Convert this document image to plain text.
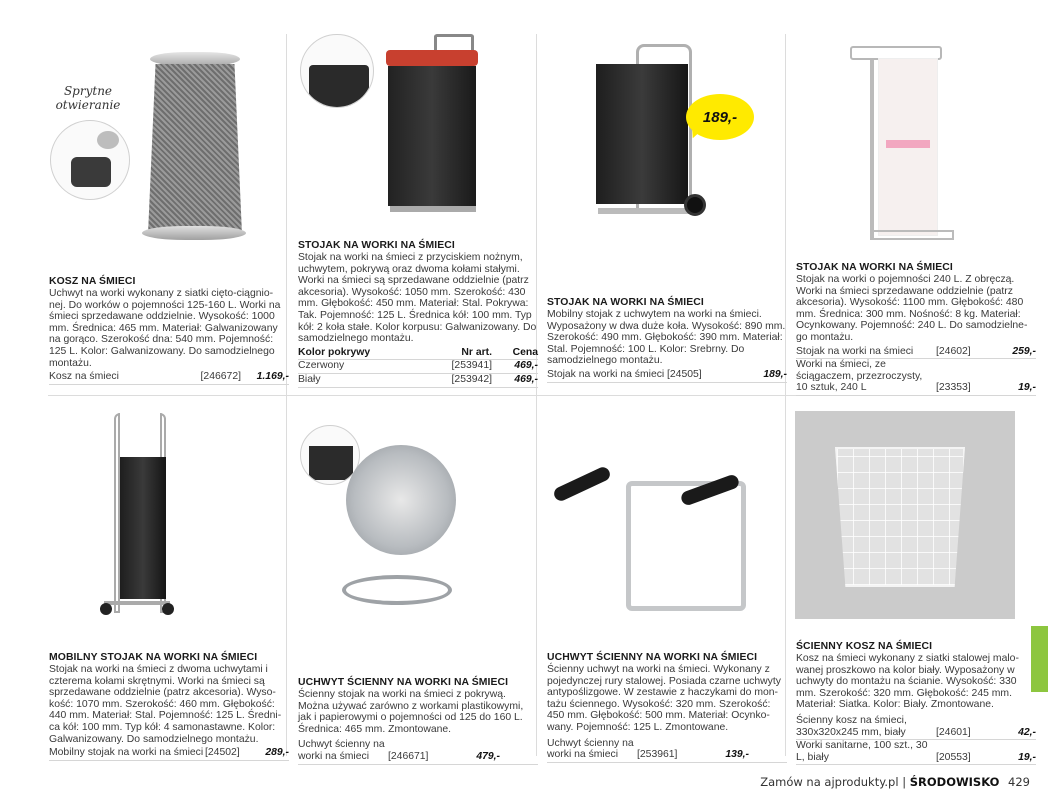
Sprytne otwieranie
KOSZ NA ŚMIECI
Uchwyt na worki wykonany z siatki cięto-ciągnio-nej. Do worków o pojemności 125-160 L. Worki na śmieci sprzedawane oddzielnie. Wysokość: 1000 mm. Średnica: 465 mm. Materiał: Galwanizowany na gorąco. Szerokość dna: 540 mm. Pojemność: 125 L. Kolor: Galwanizowany. Do samodzielnego montażu.
Kosz na śmieci	[246672]	1.169,-
STOJAK NA WORKI NA ŚMIECI
Stojak na worki na śmieci z przyciskiem nożnym, uchwytem, pokrywą oraz dwoma kołami stałymi. Worki na śmieci są sprzedawane oddzielnie (patrz akcesoria). Wysokość: 1050 mm. Szerokość: 430 mm. Głębokość: 450 mm. Materiał: Stal. Pokrywa: Tak. Pojemność: 125 L. Średnica kół: 100 mm. Typ kół: 2 koła stałe. Kolor korpusu: Galwanizowany. Do samodzielnego montażu.
Kolor pokrywy	Nr art.	Cena
Czerwony	[253941]	469,-
Biały	[253942]	469,-
189,-
STOJAK NA WORKI NA ŚMIECI
Mobilny stojak z uchwytem na worki na śmieci. Wyposażony w dwa duże koła. Wysokość: 890 mm. Szerokość: 490 mm. Głębokość: 390 mm. Materiał: Stal. Pojemność: 100 L. Kolor: Srebrny. Do samodzielnego montażu.
Stojak na worki na śmieci [24505]	189,-
STOJAK NA WORKI NA ŚMIECI
Stojak na worki o pojemności 240 L. Z obręczą. Worki na śmieci sprzedawane oddzielnie (patrz akcesoria). Wysokość: 1100 mm. Głębokość: 480 mm. Średnica: 300 mm. Nośność: 8 kg. Materiał: Ocynkowany. Pojemność: 240 L. Do samodzielne-go montażu.
Stojak na worki na śmieci	[24602]	259,-
Worki na śmieci, ze ściągaczem, przezroczysty, 10 sztuk, 240 L	[23353]	19,-
MOBILNY STOJAK NA WORKI NA ŚMIECI
Stojak na worki na śmieci z dwoma uchwytami i czterema kołami skrętnymi. Worki na śmieci są sprzedawane oddzielnie (patrz akcesoria). Wyso-kość: 1070 mm. Szerokość: 460 mm. Głębokość: 440 mm. Materiał: Stal. Pojemność: 125 L. Średni-ca kół: 100 mm. Typ kół: 4 samonastawne. Kolor: Galwanizowany. Do samodzielnego montażu.
Mobilny stojak na worki na śmieci [24502]	289,-
UCHWYT ŚCIENNY NA WORKI NA ŚMIECI
Ścienny stojak na worki na śmieci z pokrywą. Można używać zarówno z workami plastikowymi, jak i papierowymi o pojemności od 125 do 160 L. Średnica: 465 mm. Zmontowane.
Uchwyt ścienny na worki na śmieci	[246671]	479,-
UCHWYT ŚCIENNY NA WORKI NA ŚMIECI
Ścienny uchwyt na worki na śmieci. Wykonany z pojedynczej rury stalowej. Posiada czarne uchwyty antypoślizgowe. W zestawie z haczykami do mon-tażu ściennego. Wysokość: 320 mm. Szerokość: 450 mm. Głębokość: 500 mm. Materiał: Ocynko-wany. Pojemność: 125 L. Zmontowane.
Uchwyt ścienny na worki na śmieci	[253961]	139,-
ŚCIENNY KOSZ NA ŚMIECI
Kosz na śmieci wykonany z siatki stalowej malo-wanej proszkowo na kolor biały. Wyposażony w uchwyty do montażu na ścianie. Wysokość: 330 mm. Szerokość: 320 mm. Głębokość: 245 mm. Materiał: Siatka. Kolor: Biały. Zmontowane.
Ścienny kosz na śmieci, 330x320x245 mm, biały	[24601]	42,-
Worki sanitarne, 100 szt., 30 L, biały	[20553]	19,-
Zamów na ajprodukty.pl | ŚRODOWISKO 429
